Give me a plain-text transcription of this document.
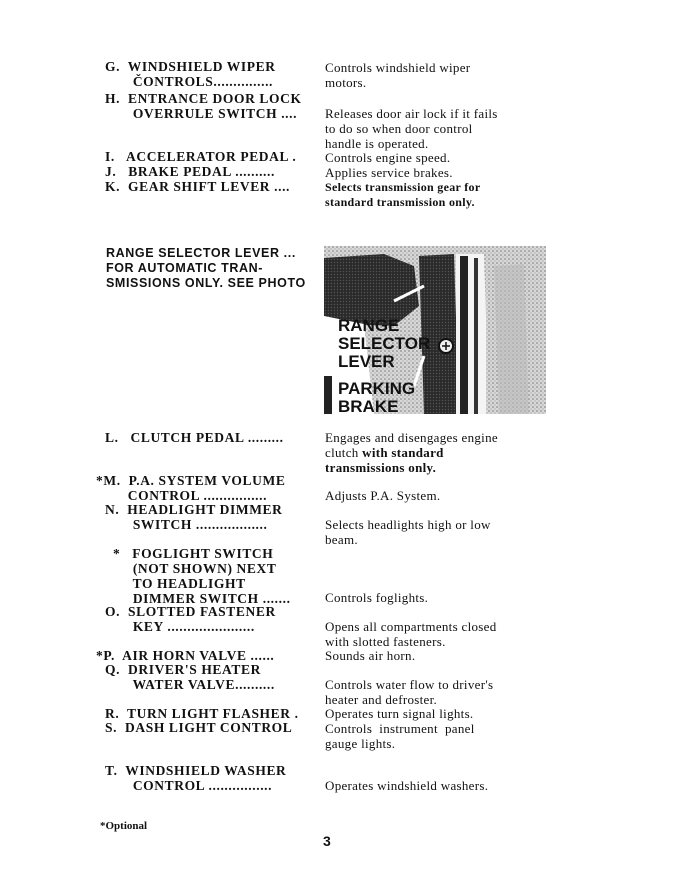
G.  WINDSHIELD WIPER
ČONTROLS...............
Controls windshield wiper
motors.
H.  ENTRANCE DOOR LOCK
OVERRULE SWITCH ....	Releases door air lock if it fails
to do so when door control
handle is operated.
I.   ACCELERATOR PEDAL . Controls engine speed.
J.   BRAKE PEDAL ..........	Applies service brakes.
K.  GEAR SHIFT LEVER ....	Selects transmission gear for
standard transmission only.
RANGE SELECTOR LEVER ...
FOR AUTOMATIC TRAN-
SMISSIONS ONLY. SEE PHOTO
RANGE
SELECTOR
LEVER
PARKING
BRAKE
L.   CLUTCH PEDAL .........	Engages and disengages engine
clutch with standard
transmissions only.
*M.  P.A. SYSTEM VOLUME
CONTROL ................	Adjusts P.A. System.
N.  HEADLIGHT DIMMER
SWITCH ..................	Selects headlights high or low
beam.
*   FOGLIGHT SWITCH
(NOT SHOWN) NEXT
TO HEADLIGHT
DIMMER SWITCH .......	Controls foglights.
O.  SLOTTED FASTENER
KEY ......................	Opens all compartments closed
with slotted fasteners.
*P.  AIR HORN VALVE ......	Sounds air horn.
Q.  DRIVER'S HEATER
WATER VALVE..........	Controls water flow to driver's
heater and defroster.
R.  TURN LIGHT FLASHER . Operates turn signal lights.
S.  DASH LIGHT CONTROL	Controls  instrument  panel
gauge lights.
T.  WINDSHIELD WASHER
CONTROL ................	Operates windshield washers.
*Optional
3
